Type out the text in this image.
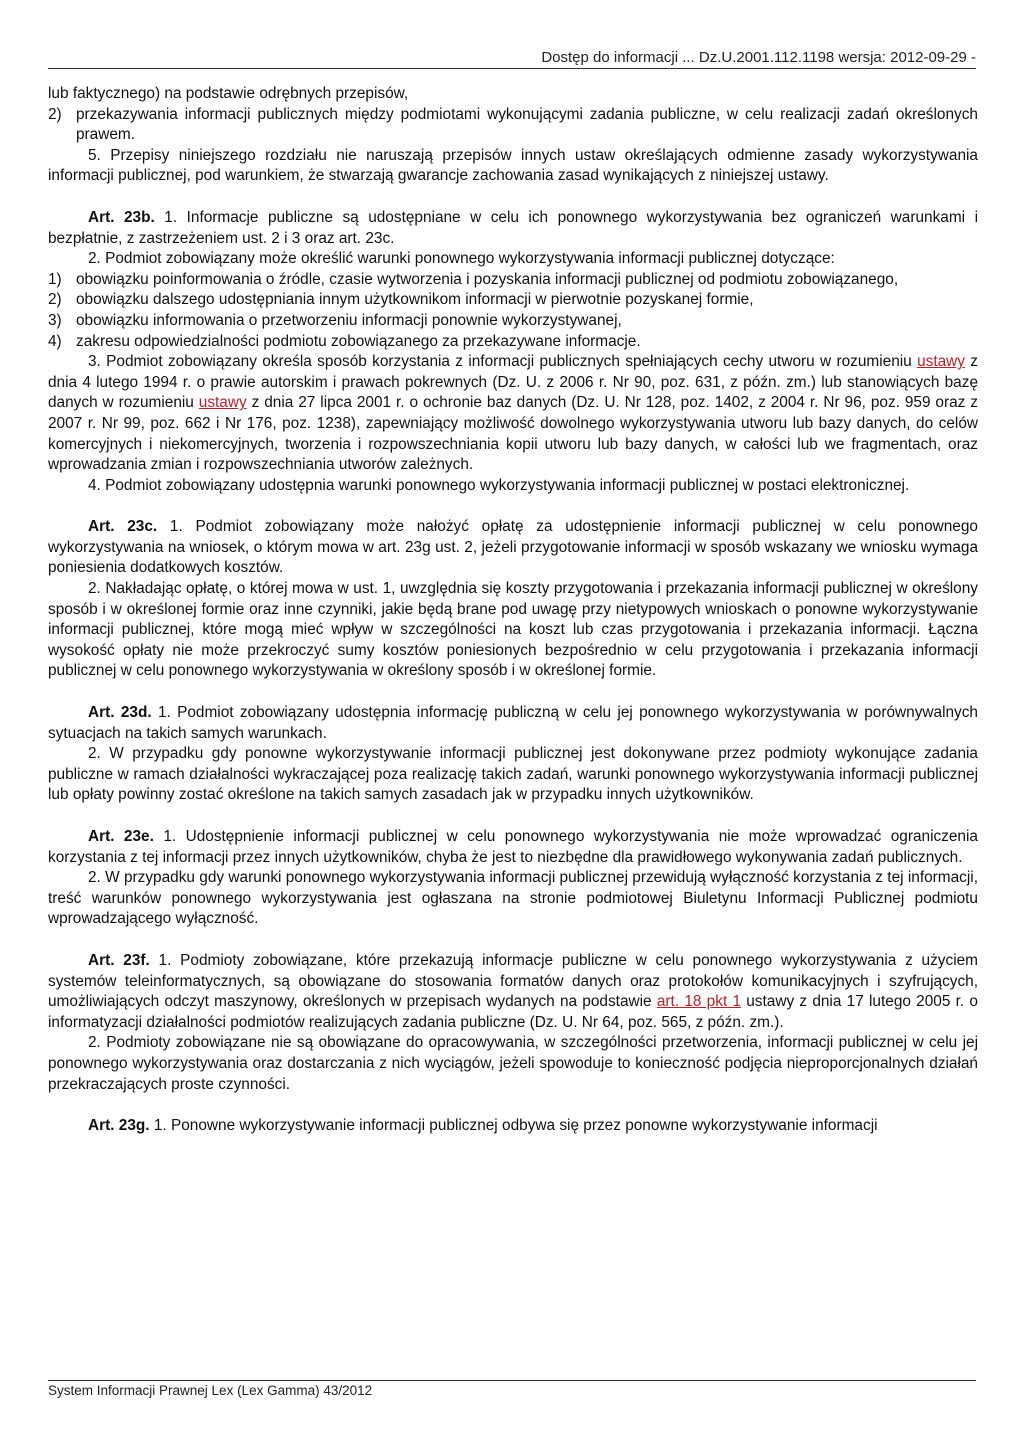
Dostęp do informacji ... Dz.U.2001.112.1198 wersja: 2012-09-29 -

lub faktycznego) na podstawie odrębnych przepisów,

2) przekazywania informacji publicznych między podmiotami wykonującymi zadania publiczne, w celu realizacji zadań określonych prawem.

5. Przepisy niniejszego rozdziału nie naruszają przepisów innych ustaw określających odmienne zasady wykorzystywania informacji publicznej, pod warunkiem, że stwarzają gwarancje zachowania zasad wynikających z niniejszej ustawy.

Art. 23b. 1. Informacje publiczne są udostępniane w celu ich ponownego wykorzystywania bez ograniczeń warunkami i bezpłatnie, z zastrzeżeniem ust. 2 i 3 oraz art. 23c.

2. Podmiot zobowiązany może określić warunki ponownego wykorzystywania informacji publicznej dotyczące:

1) obowiązku poinformowania o źródle, czasie wytworzenia i pozyskania informacji publicznej od podmiotu zobowiązanego,

2) obowiązku dalszego udostępniania innym użytkownikom informacji w pierwotnie pozyskanej formie,

3) obowiązku informowania o przetworzeniu informacji ponownie wykorzystywanej,

4) zakresu odpowiedzialności podmiotu zobowiązanego za przekazywane informacje.

3. Podmiot zobowiązany określa sposób korzystania z informacji publicznych spełniających cechy utworu w rozumieniu ustawy z dnia 4 lutego 1994 r. o prawie autorskim i prawach pokrewnych (Dz. U. z 2006 r. Nr 90, poz. 631, z późn. zm.) lub stanowiących bazę danych w rozumieniu ustawy z dnia 27 lipca 2001 r. o ochronie baz danych (Dz. U. Nr 128, poz. 1402, z 2004 r. Nr 96, poz. 959 oraz z 2007 r. Nr 99, poz. 662 i Nr 176, poz. 1238), zapewniający możliwość dowolnego wykorzystywania utworu lub bazy danych, do celów komercyjnych i niekomercyjnych, tworzenia i rozpowszechniania kopii utworu lub bazy danych, w całości lub we fragmentach, oraz wprowadzania zmian i rozpowszechniania utworów zależnych.

4. Podmiot zobowiązany udostępnia warunki ponownego wykorzystywania informacji publicznej w postaci elektronicznej.

Art. 23c. 1. Podmiot zobowiązany może nałożyć opłatę za udostępnienie informacji publicznej w celu ponownego wykorzystywania na wniosek, o którym mowa w art. 23g ust. 2, jeżeli przygotowanie informacji w sposób wskazany we wniosku wymaga poniesienia dodatkowych kosztów.

2. Nakładając opłatę, o której mowa w ust. 1, uwzględnia się koszty przygotowania i przekazania informacji publicznej w określony sposób i w określonej formie oraz inne czynniki, jakie będą brane pod uwagę przy nietypowych wnioskach o ponowne wykorzystywanie informacji publicznej, które mogą mieć wpływ w szczególności na koszt lub czas przygotowania i przekazania informacji. Łączna wysokość opłaty nie może przekroczyć sumy kosztów poniesionych bezpośrednio w celu przygotowania i przekazania informacji publicznej w celu ponownego wykorzystywania w określony sposób i w określonej formie.

Art. 23d. 1. Podmiot zobowiązany udostępnia informację publiczną w celu jej ponownego wykorzystywania w porównywalnych sytuacjach na takich samych warunkach.

2. W przypadku gdy ponowne wykorzystywanie informacji publicznej jest dokonywane przez podmioty wykonujące zadania publiczne w ramach działalności wykraczającej poza realizację takich zadań, warunki ponownego wykorzystywania informacji publicznej lub opłaty powinny zostać określone na takich samych zasadach jak w przypadku innych użytkowników.

Art. 23e. 1. Udostępnienie informacji publicznej w celu ponownego wykorzystywania nie może wprowadzać ograniczenia korzystania z tej informacji przez innych użytkowników, chyba że jest to niezbędne dla prawidłowego wykonywania zadań publicznych.

2. W przypadku gdy warunki ponownego wykorzystywania informacji publicznej przewidują wyłączność korzystania z tej informacji, treść warunków ponownego wykorzystywania jest ogłaszana na stronie podmiotowej Biuletynu Informacji Publicznej podmiotu wprowadzającego wyłączność.

Art. 23f. 1. Podmioty zobowiązane, które przekazują informacje publiczne w celu ponownego wykorzystywania z użyciem systemów teleinformatycznych, są obowiązane do stosowania formatów danych oraz protokołów komunikacyjnych i szyfrujących, umożliwiających odczyt maszynowy, określonych w przepisach wydanych na podstawie art. 18 pkt 1 ustawy z dnia 17 lutego 2005 r. o informatyzacji działalności podmiotów realizujących zadania publiczne (Dz. U. Nr 64, poz. 565, z późn. zm.).

2. Podmioty zobowiązane nie są obowiązane do opracowywania, w szczególności przetworzenia, informacji publicznej w celu jej ponownego wykorzystywania oraz dostarczania z nich wyciągów, jeżeli spowoduje to konieczność podjęcia nieproporcjonalnych działań przekraczających proste czynności.

Art. 23g. 1. Ponowne wykorzystywanie informacji publicznej odbywa się przez ponowne wykorzystywanie informacji

System Informacji Prawnej Lex (Lex Gamma) 43/2012
